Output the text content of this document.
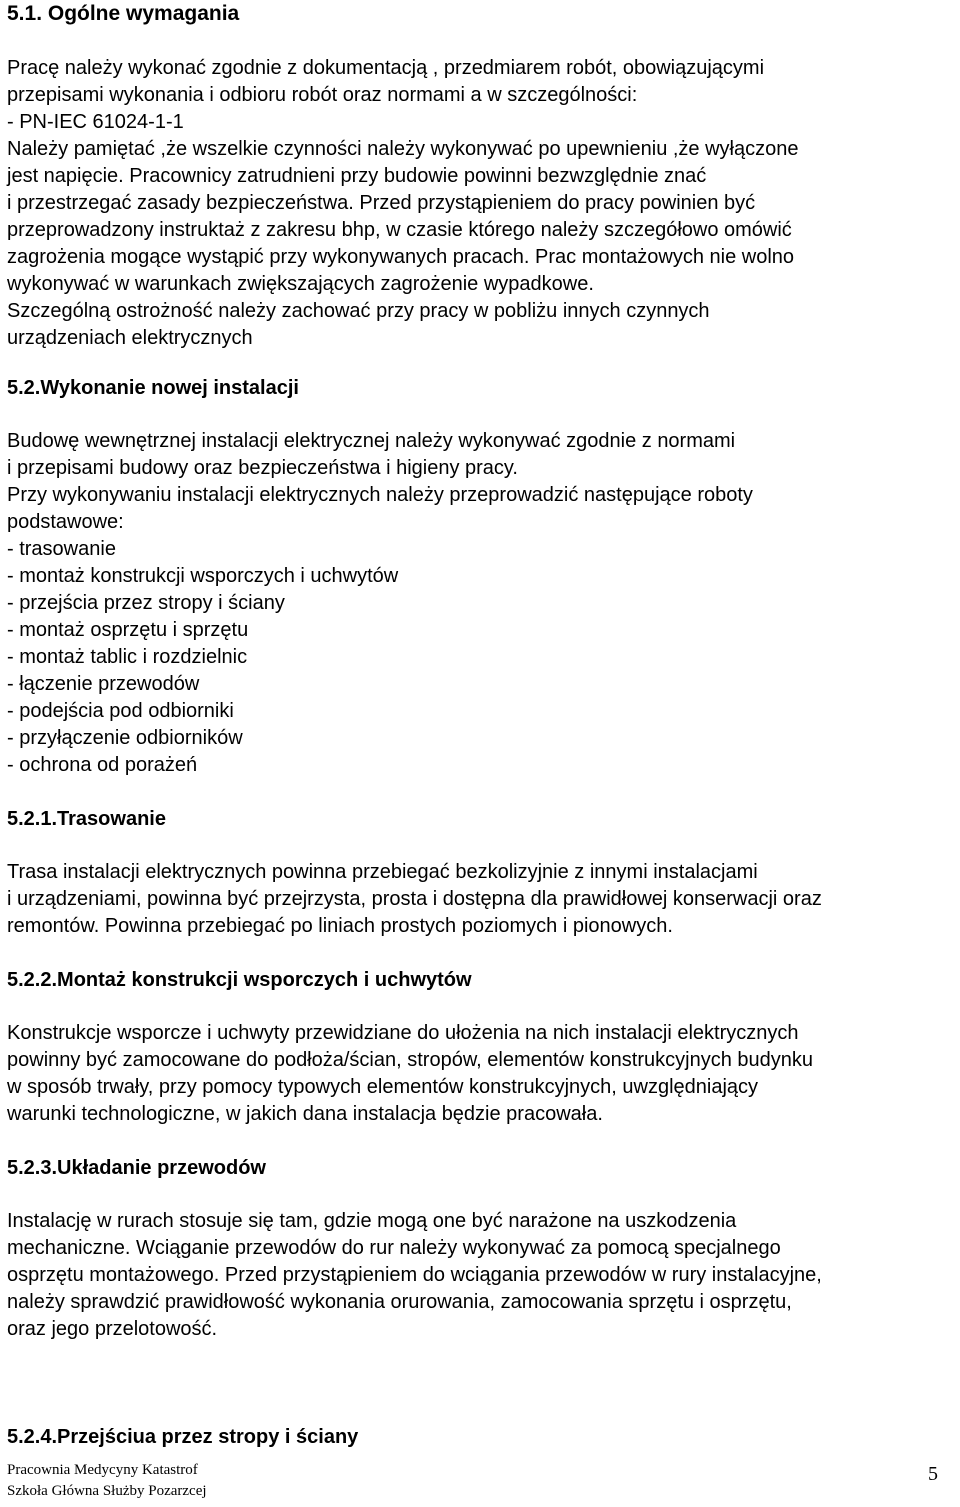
5.1. Ogólne wymagania
Pracę należy wykonać zgodnie z dokumentacją , przedmiarem robót, obowiązującymi
przepisami wykonania i odbioru robót oraz normami a w szczególności:
- PN-IEC 61024-1-1
Należy pamiętać ,że wszelkie czynności należy wykonywać po upewnieniu ,że wyłączone
jest napięcie. Pracownicy zatrudnieni przy budowie powinni bezwzględnie znać
i przestrzegać zasady bezpieczeństwa. Przed przystąpieniem do pracy powinien być
przeprowadzony instruktaż z zakresu bhp, w czasie którego należy szczegółowo omówić
zagrożenia mogące wystąpić przy wykonywanych pracach. Prac montażowych nie wolno
wykonywać w warunkach zwiększających zagrożenie wypadkowe.
Szczególną ostrożność należy zachować przy pracy w pobliżu innych czynnych
urządzeniach elektrycznych
5.2.Wykonanie nowej instalacji
Budowę wewnętrznej instalacji elektrycznej należy wykonywać zgodnie z normami
i przepisami budowy oraz bezpieczeństwa i higieny pracy.
Przy wykonywaniu instalacji elektrycznych należy przeprowadzić następujące roboty
podstawowe:
- trasowanie
- montaż konstrukcji wsporczych i uchwytów
- przejścia przez stropy i ściany
- montaż osprzętu i sprzętu
- montaż tablic i rozdzielnic
- łączenie przewodów
- podejścia pod odbiorniki
- przyłączenie odbiorników
- ochrona od porażeń
5.2.1.Trasowanie
Trasa instalacji elektrycznych powinna przebiegać bezkolizyjnie z innymi instalacjami
i urządzeniami, powinna być przejrzysta, prosta i dostępna dla prawidłowej konserwacji oraz
remontów. Powinna przebiegać po liniach prostych poziomych i pionowych.
5.2.2.Montaż konstrukcji wsporczych i uchwytów
Konstrukcje wsporcze i uchwyty przewidziane do ułożenia na nich instalacji elektrycznych
powinny być zamocowane do podłoża/ścian, stropów, elementów konstrukcyjnych budynku
w sposób trwały, przy pomocy typowych elementów konstrukcyjnych, uwzględniający
warunki technologiczne, w jakich dana instalacja będzie pracowała.
5.2.3.Układanie przewodów
Instalację w rurach stosuje się tam, gdzie mogą one być narażone na uszkodzenia
mechaniczne. Wciąganie przewodów do rur należy wykonywać za pomocą specjalnego
osprzętu montażowego. Przed przystąpieniem do wciągania przewodów w rury instalacyjne,
należy sprawdzić prawidłowość wykonania orurowania, zamocowania sprzętu i osprzętu,
oraz jego przelotowość.
5.2.4.Przejściua przez stropy i ściany
Pracownia Medycyny Katastrof
Szkoła Główna Służby Pozarzcej
5
